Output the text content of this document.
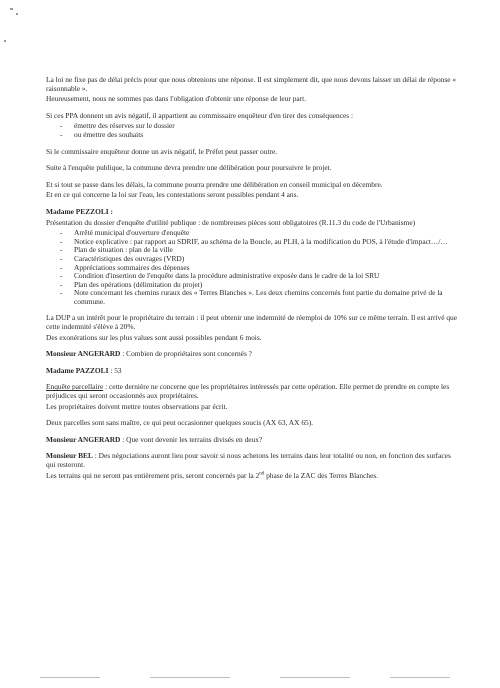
La loi ne fixe pas de délai précis pour que nous obtenions une réponse. Il est simplement dit, que nous devons laisser un délai de réponse « raisonnable ».

Heureusement, nous ne sommes pas dans l'obligation d'obtenir une réponse de leur part.

Si ces PPA donnent un avis négatif, il appartient au commissaire enquêteur d'en tirer des conséquences :

- émettre des réserves sur le dossier
- ou émettre des souhaits

Si le commissaire enquêteur donne un avis négatif, le Préfet peut passer outre.

Suite à l'enquête publique, la commune devra prendre une délibération pour poursuivre le projet.

Et si tout se passe dans les délais, la commune pourra prendre une délibération en conseil municipal en décembre.

Et en ce qui concerne la loi sur l'eau, les contestations seront possibles pendant 4 ans.

Madame PEZZOLI :

Présentation du dossier d'enquête d'utilité publique : de nombreuses pièces sont obligatoires (R.11.3 du code de l'Urbanisme)

- Arrêté municipal d'ouverture d'enquête
- Notice explicative : par rapport au SDRIF, au schéma de la Boucle, au PLH, à la modification du POS, à l'étude d'impact…/…
- Plan de situation : plan de la ville
- Caractéristiques des ouvrages (VRD)
- Appréciations sommaires des dépenses
- Condition d'insertion de l'enquête dans la procédure administrative exposée dans le cadre de la loi SRU
- Plan des opérations (délimitation du projet)
- Note concernant les chemins ruraux des « Terres Blanches ». Les deux chemins concernés font partie du domaine privé de la commune.

La DUP a un intérêt pour le propriétaire du terrain : il peut obtenir une indemnité de réemploi de 10% sur ce même terrain. Il est arrivé que cette indemnité s'élève à 20%.

Des exonérations sur les plus values sont aussi possibles pendant 6 mois.

Monsieur ANGERARD : Combien de propriétaires sont concernés ?

Madame PAZZOLI : 53

Enquête parcellaire : cette dernière ne concerne que les propriétaires intéressés par cette opération. Elle permet de prendre en compte les préjudices qui seront occasionnés aux propriétaires.

Les propriétaires doivent mettre toutes observations par écrit.

Deux parcelles sont sans maître, ce qui peut occasionner quelques soucis (AX 63, AX 65).

Monsieur ANGERARD : Que vont devenir les terrains divisés en deux?

Monsieur BEL : Des négociations auront lieu pour savoir si nous achetons les terrains dans leur totalité ou non, en fonction des surfaces qui resteront.

Les terrains qui ne seront pas entièrement pris, seront concernés par la 2nd phase de la ZAC des Terres Blanches.
